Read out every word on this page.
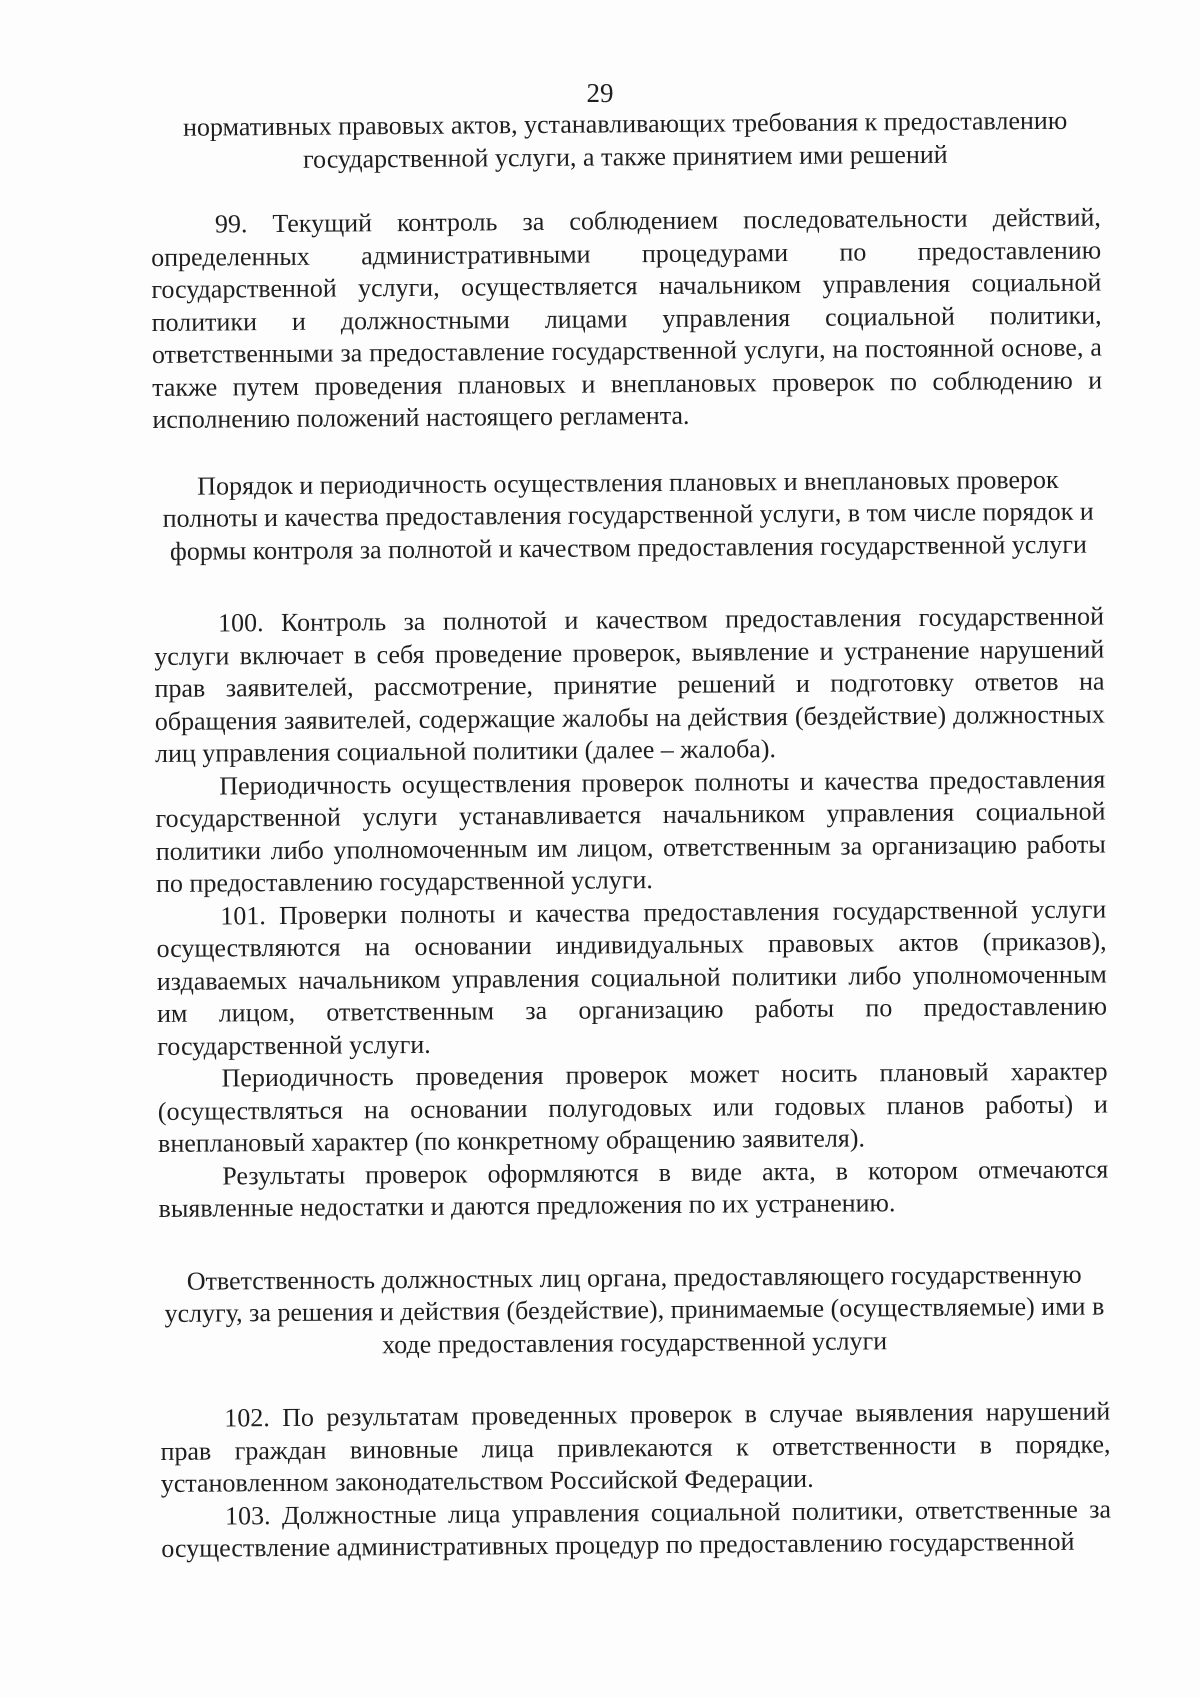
29

нормативных правовых актов, устанавливающих требования к предоставлению государственной услуги, а также принятием ими решений

99. Текущий контроль за соблюдением последовательности действий, определенных административными процедурами по предоставлению государственной услуги, осуществляется начальником управления социальной политики и должностными лицами управления социальной политики, ответственными за предоставление государственной услуги, на постоянной основе, а также путем проведения плановых и внеплановых проверок по соблюдению и исполнению положений настоящего регламента.

Порядок и периодичность осуществления плановых и внеплановых проверок полноты и качества предоставления государственной услуги, в том числе порядок и формы контроля за полнотой и качеством предоставления государственной услуги

100. Контроль за полнотой и качеством предоставления государственной услуги включает в себя проведение проверок, выявление и устранение нарушений прав заявителей, рассмотрение, принятие решений и подготовку ответов на обращения заявителей, содержащие жалобы на действия (бездействие) должностных лиц управления социальной политики (далее – жалоба).

Периодичность осуществления проверок полноты и качества предоставления государственной услуги устанавливается начальником управления социальной политики либо уполномоченным им лицом, ответственным за организацию работы по предоставлению государственной услуги.

101. Проверки полноты и качества предоставления государственной услуги осуществляются на основании индивидуальных правовых актов (приказов), издаваемых начальником управления социальной политики либо уполномоченным им лицом, ответственным за организацию работы по предоставлению государственной услуги.

Периодичность проведения проверок может носить плановый характер (осуществляться на основании полугодовых или годовых планов работы) и внеплановый характер (по конкретному обращению заявителя).

Результаты проверок оформляются в виде акта, в котором отмечаются выявленные недостатки и даются предложения по их устранению.

Ответственность должностных лиц органа, предоставляющего государственную услугу, за решения и действия (бездействие), принимаемые (осуществляемые) ими в ходе предоставления государственной услуги

102. По результатам проведенных проверок в случае выявления нарушений прав граждан виновные лица привлекаются к ответственности в порядке, установленном законодательством Российской Федерации.

103. Должностные лица управления социальной политики, ответственные за осуществление административных процедур по предоставлению государственной
